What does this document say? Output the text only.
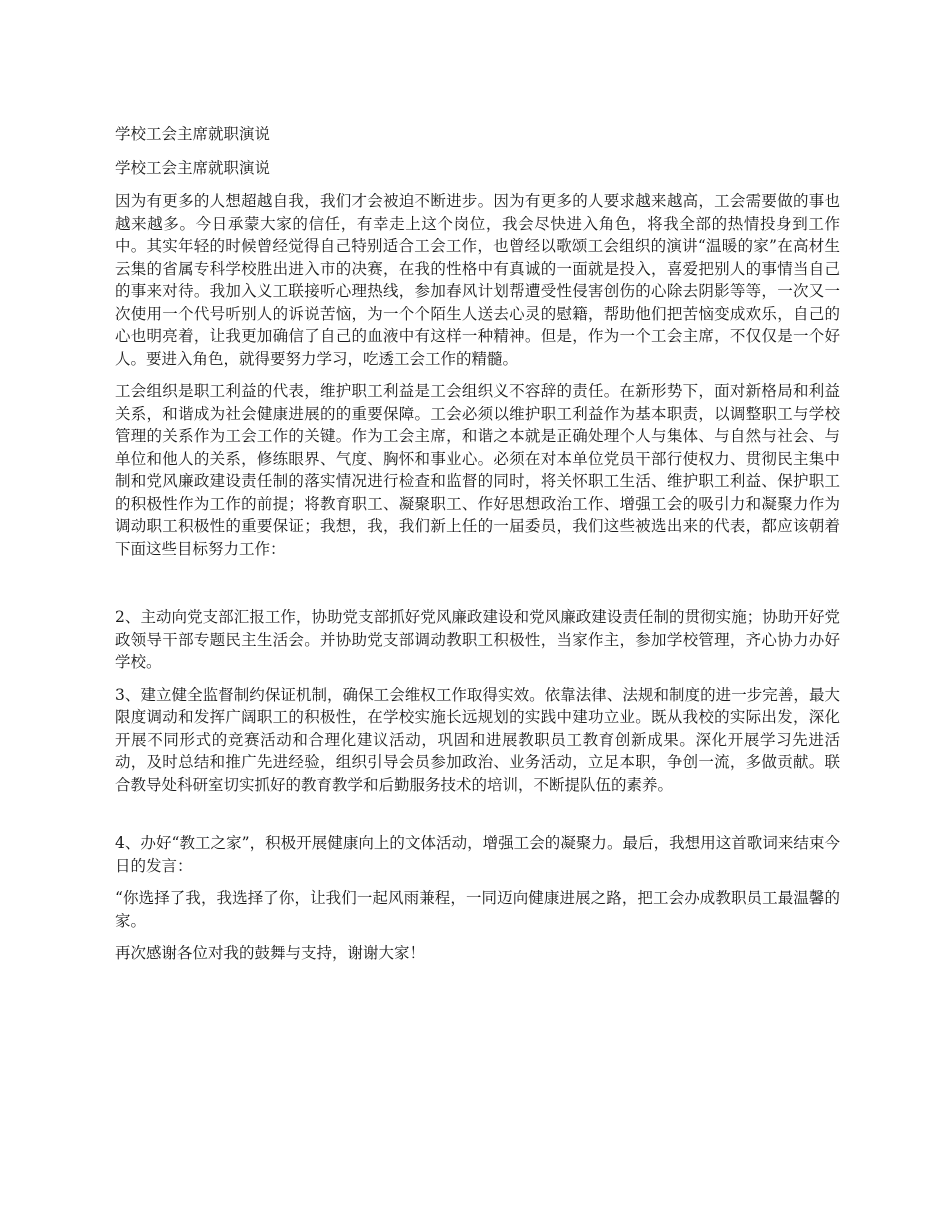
学校工会主席就职演说
学校工会主席就职演说

因为有更多的人想超越自我，我们才会被迫不断进步。因为有更多的人要求越来越高，工会需要做的事也越来越多。今日承蒙大家的信任，有幸走上这个岗位，我会尽快进入角色，将我全部的热情投身到工作中。其实年轻的时候曾经觉得自己特别适合工会工作，也曾经以歌颂工会组织的演讲“温暖的家”在高材生云集的省属专科学校胜出进入市的决赛，在我的性格中有真诚的一面就是投入，喜爱把别人的事情当自己的事来对待。我加入义工联接听心理热线，参加春风计划帮遭受性侵害创伤的心除去阴影等等，一次又一次使用一个代号听别人的诉说苦恼，为一个个陌生人送去心灵的慰籍，帮助他们把苦恼变成欢乐，自己的心也明亮着，让我更加确信了自己的血液中有这样一种精神。但是，作为一个工会主席，不仅仅是一个好人。要进入角色，就得要努力学习，吃透工会工作的精髓。

工会组织是职工利益的代表，维护职工利益是工会组织义不容辞的责任。在新形势下，面对新格局和利益关系，和谐成为社会健康进展的的重要保障。工会必须以维护职工利益作为基本职责，以调整职工与学校管理的关系作为工会工作的关键。作为工会主席，和谐之本就是正确处理个人与集体、与自然与社会、与单位和他人的关系，修练眼界、气度、胸怀和事业心。必须在对本单位党员干部行使权力、贯彻民主集中制和党风廉政建设责任制的落实情况进行检查和监督的同时，将关怀职工生活、维护职工利益、保护职工的积极性作为工作的前提；将教育职工、凝聚职工、作好思想政治工作、增强工会的吸引力和凝聚力作为调动职工积极性的重要保证；我想，我，我们新上任的一届委员，我们这些被选出来的代表，都应该朝着下面这些目标努力工作：

2、主动向党支部汇报工作，协助党支部抓好党风廉政建设和党风廉政建设责任制的贯彻实施；协助开好党政领导干部专题民主生活会。并协助党支部调动教职工积极性，当家作主，参加学校管理，齐心协力办好学校。

3、建立健全监督制约保证机制，确保工会维权工作取得实效。依靠法律、法规和制度的进一步完善，最大限度调动和发挥广阔职工的积极性，在学校实施长远规划的实践中建功立业。既从我校的实际出发，深化开展不同形式的竞赛活动和合理化建议活动，巩固和进展教职员工教育创新成果。深化开展学习先进活动，及时总结和推广先进经验，组织引导会员参加政治、业务活动，立足本职，争创一流，多做贡献。联合教导处科研室切实抓好的教育教学和后勤服务技术的培训，不断提队伍的素养。

4、办好“教工之家”，积极开展健康向上的文体活动，增强工会的凝聚力。最后，我想用这首歌词来结束今日的发言：

“你选择了我，我选择了你，让我们一起风雨兼程，一同迈向健康进展之路，把工会办成教职员工最温馨的家。

再次感谢各位对我的鼓舞与支持，谢谢大家！
